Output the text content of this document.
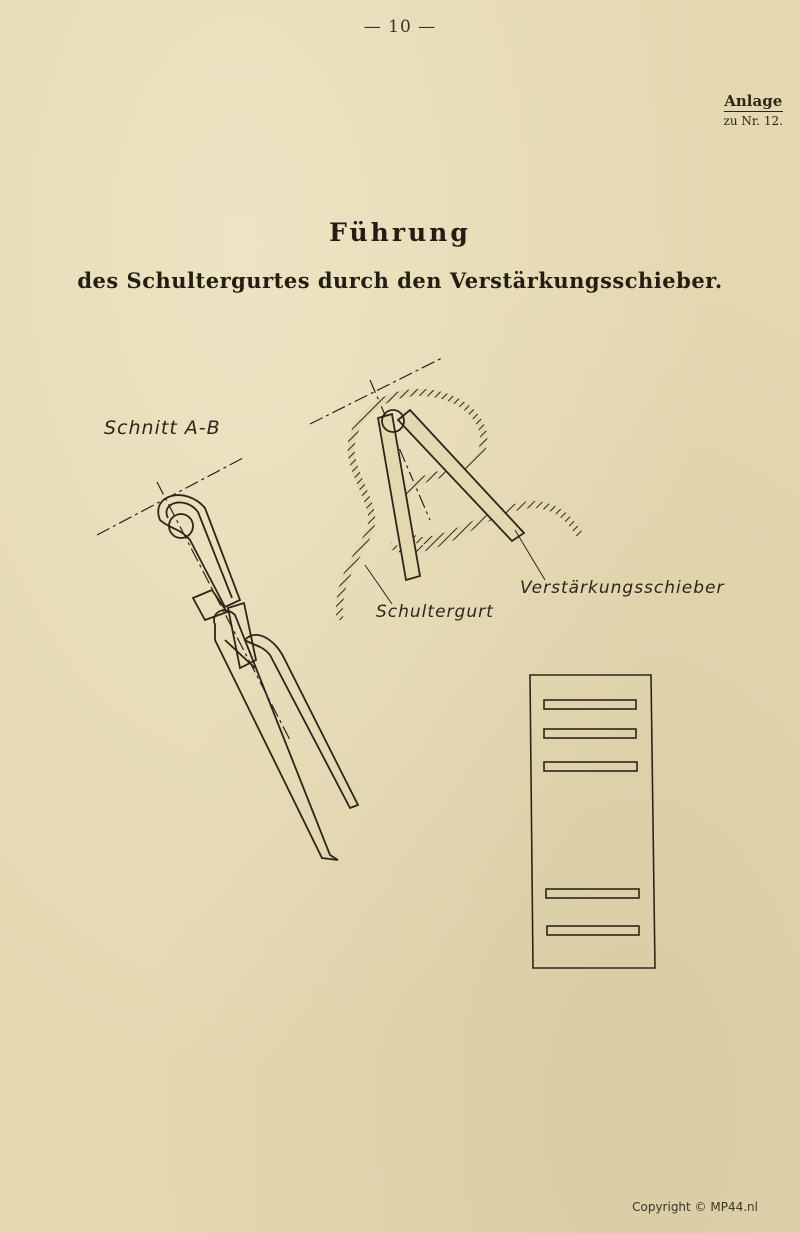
— 10 —
Anlage
zu Nr. 12.
Führung
des Schultergurtes durch den Verstärkungsschieber.
Schnitt A-B
Verstärkungsschieber
Schultergurt
Copyright © MP44.nl
